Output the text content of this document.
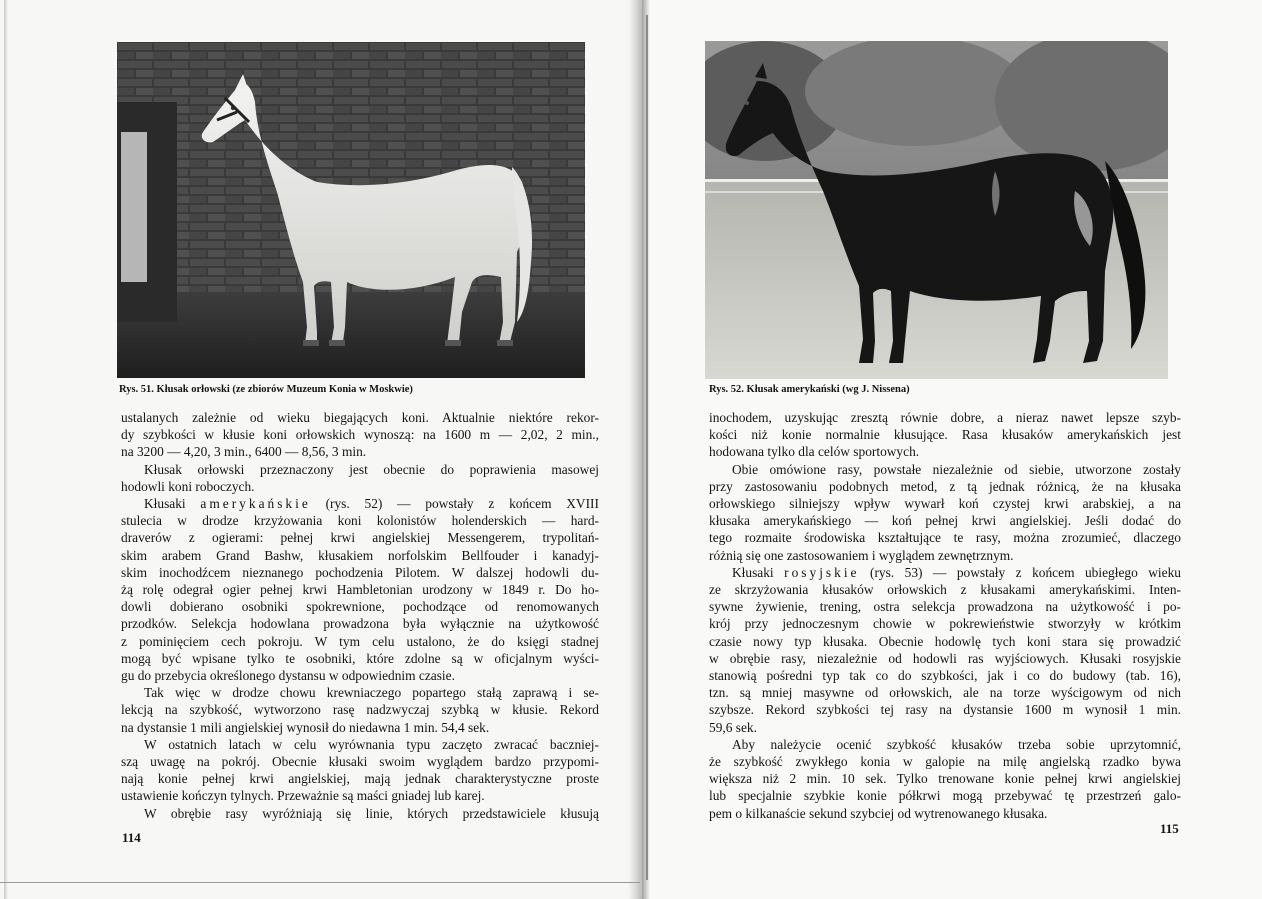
Rys. 51. Kłusak orłowski (ze zbiorów Muzeum Konia w Moskwie)	Rys. 52. Kłusak amerykański (wg J. Nissena)
ustalanych zależnie od wieku biegających koni. Aktualnie niektóre rekor-
dy szybkości w kłusie koni orłowskich wynoszą: na 1600 m — 2,02, 2 min.,
na 3200 — 4,20, 3 min., 6400 — 8,56, 3 min.
Kłusak orłowski przeznaczony jest obecnie do poprawienia masowej
hodowli koni roboczych.
Kłusaki amerykańskie (rys. 52) — powstały z końcem XVIII
stulecia w drodze krzyżowania koni kolonistów holenderskich — hard-
draverów z ogierami: pełnej krwi angielskiej Messengerem, trypolitań-
skim arabem Grand Bashw, kłusakiem norfolskim Bellfouder i kanadyj-
skim inochodźcem nieznanego pochodzenia Pilotem. W dalszej hodowli du-
żą rolę odegrał ogier pełnej krwi Hambletonian urodzony w 1849 r. Do ho-
dowli dobierano osobniki spokrewnione, pochodzące od renomowanych
przodków. Selekcja hodowlana prowadzona była wyłącznie na użytkowość
z pominięciem cech pokroju. W tym celu ustalono, że do księgi stadnej
mogą być wpisane tylko te osobniki, które zdolne są w oficjalnym wyści-
gu do przebycia określonego dystansu w odpowiednim czasie.
Tak więc w drodze chowu krewniaczego popartego stałą zaprawą i se-
lekcją na szybkość, wytworzono rasę nadzwyczaj szybką w kłusie. Rekord
na dystansie 1 mili angielskiej wynosił do niedawna 1 min. 54,4 sek.
W ostatnich latach w celu wyrównania typu zaczęto zwracać baczniej-
szą uwagę na pokrój. Obecnie kłusaki swoim wyglądem bardzo przypomi-
nają konie pełnej krwi angielskiej, mają jednak charakterystyczne proste
ustawienie kończyn tylnych. Przeważnie są maści gniadej lub karej.
W obrębie rasy wyróżniają się linie, których przedstawiciele kłusują
inochodem, uzyskując zresztą równie dobre, a nieraz nawet lepsze szyb-
kości niż konie normalnie kłusujące. Rasa kłusaków amerykańskich jest
hodowana tylko dla celów sportowych.
Obie omówione rasy, powstałe niezależnie od siebie, utworzone zostały
przy zastosowaniu podobnych metod, z tą jednak różnicą, że na kłusaka
orłowskiego silniejszy wpływ wywarł koń czystej krwi arabskiej, a na
kłusaka amerykańskiego — koń pełnej krwi angielskiej. Jeśli dodać do
tego rozmaite środowiska kształtujące te rasy, można zrozumieć, dlaczego
różnią się one zastosowaniem i wyglądem zewnętrznym.
Kłusaki rosyjskie (rys. 53) — powstały z końcem ubiegłego wieku
ze skrzyżowania kłusaków orłowskich z kłusakami amerykańskimi. Inten-
sywne żywienie, trening, ostra selekcja prowadzona na użytkowość i po-
krój przy jednoczesnym chowie w pokrewieństwie stworzyły w krótkim
czasie nowy typ kłusaka. Obecnie hodowlę tych koni stara się prowadzić
w obrębie rasy, niezależnie od hodowli ras wyjściowych. Kłusaki rosyjskie
stanowią pośredni typ tak co do szybkości, jak i co do budowy (tab. 16),
tzn. są mniej masywne od orłowskich, ale na torze wyścigowym od nich
szybsze. Rekord szybkości tej rasy na dystansie 1600 m wynosił 1 min.
59,6 sek.
Aby należycie ocenić szybkość kłusaków trzeba sobie uprzytomnić,
że szybkość zwykłego konia w galopie na milę angielską rzadko bywa
większa niż 2 min. 10 sek. Tylko trenowane konie pełnej krwi angielskiej
lub specjalnie szybkie konie półkrwi mogą przebywać tę przestrzeń galo-
pem o kilkanaście sekund szybciej od wytrenowanego kłusaka.
114
115
